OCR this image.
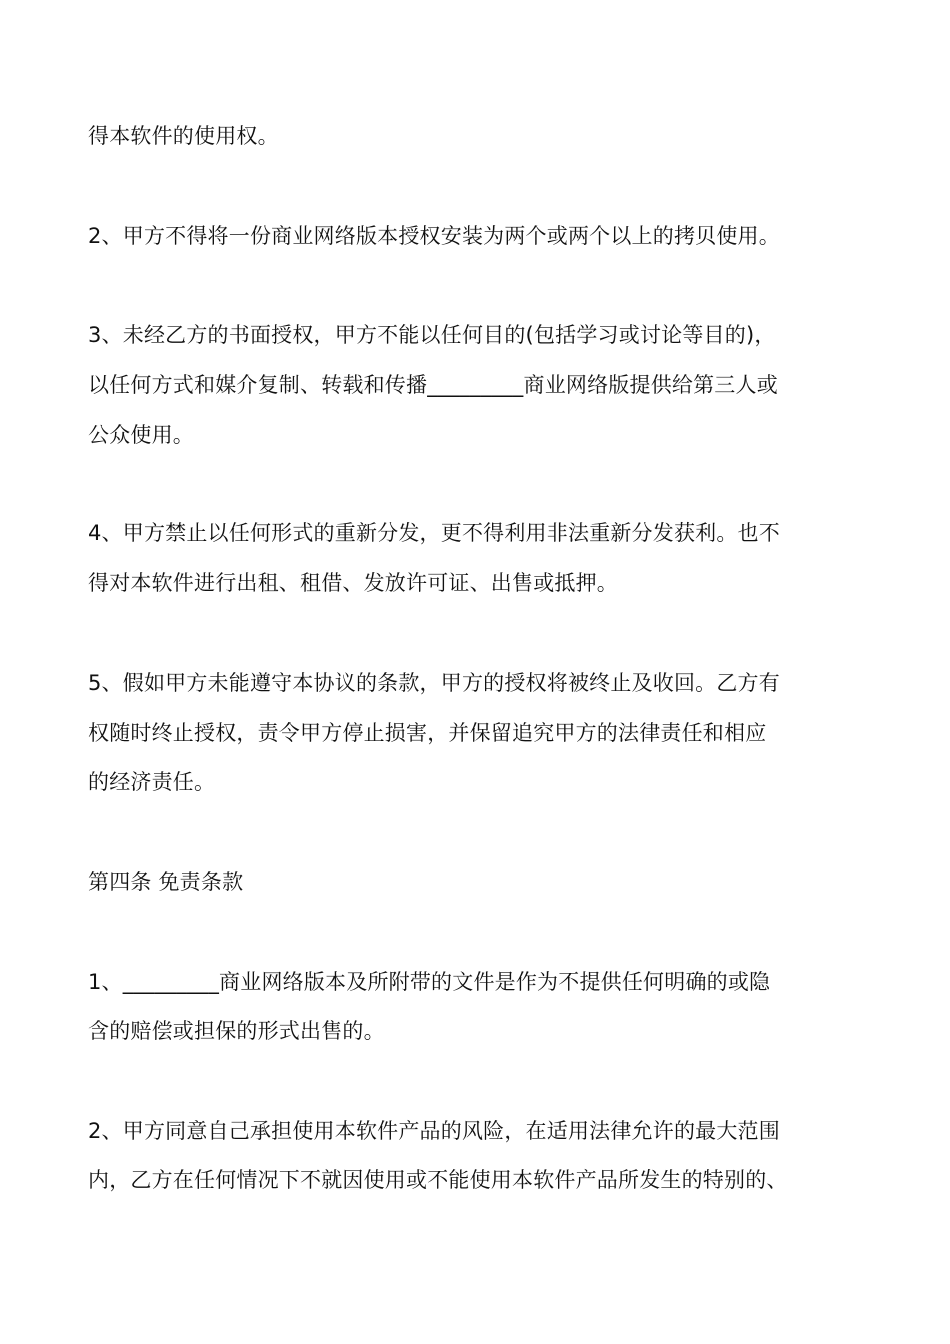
得本软件的使用权。

2、甲方不得将一份商业网络版本授权安装为两个或两个以上的拷贝使用。

3、未经乙方的书面授权，甲方不能以任何目的(包括学习或讨论等目的)，

以任何方式和媒介复制、转载和传播_________商业网络版提供给第三人或

公众使用。

4、甲方禁止以任何形式的重新分发，更不得利用非法重新分发获利。也不

得对本软件进行出租、租借、发放许可证、出售或抵押。

5、假如甲方未能遵守本协议的条款，甲方的授权将被终止及收回。乙方有

权随时终止授权，责令甲方停止损害，并保留追究甲方的法律责任和相应

的经济责任。

第四条 免责条款

1、_________商业网络版本及所附带的文件是作为不提供任何明确的或隐

含的赔偿或担保的形式出售的。

2、甲方同意自己承担使用本软件产品的风险，在适用法律允许的最大范围

内，乙方在任何情况下不就因使用或不能使用本软件产品所发生的特别的、
